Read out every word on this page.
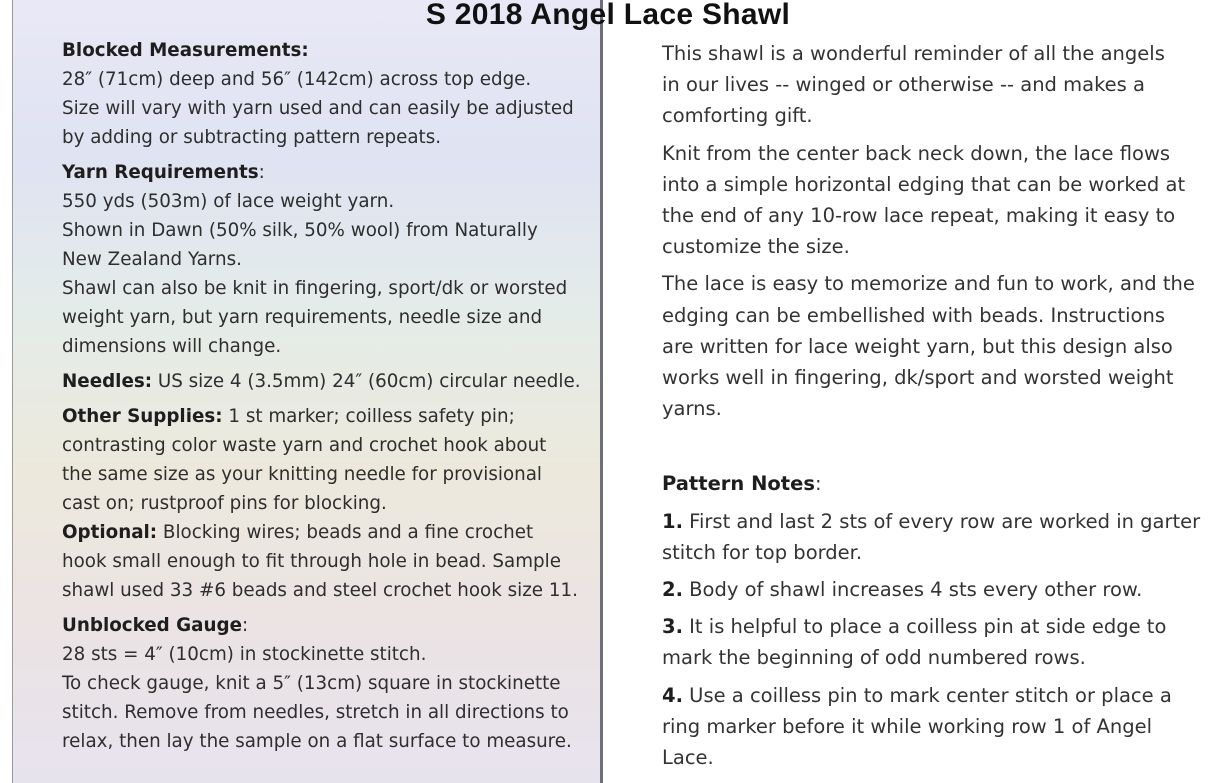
S 2018 Angel Lace Shawl
Blocked Measurements:
28″ (71cm) deep and 56″ (142cm) across top edge.
Size will vary with yarn used and can easily be adjusted
by adding or subtracting pattern repeats.
Yarn Requirements:
550 yds (503m) of lace weight yarn.
Shown in Dawn (50% silk, 50% wool) from Naturally
New Zealand Yarns.
Shawl can also be knit in fingering, sport/dk or worsted
weight yarn, but yarn requirements, needle size and
dimensions will change.
Needles: US size 4 (3.5mm) 24″ (60cm) circular needle.
Other Supplies: 1 st marker; coilless safety pin;
contrasting color waste yarn and crochet hook about
the same size as your knitting needle for provisional
cast on; rustproof pins for blocking.
Optional: Blocking wires; beads and a fine crochet
hook small enough to fit through hole in bead. Sample
shawl used 33 #6 beads and steel crochet hook size 11.
Unblocked Gauge:
28 sts = 4″ (10cm) in stockinette stitch.
To check gauge, knit a 5″ (13cm) square in stockinette
stitch. Remove from needles, stretch in all directions to
relax, then lay the sample on a flat surface to measure.
This shawl is a wonderful reminder of all the angels
in our lives -- winged or otherwise -- and makes a
comforting gift.
Knit from the center back neck down, the lace flows
into a simple horizontal edging that can be worked at
the end of any 10-row lace repeat, making it easy to
customize the size.
The lace is easy to memorize and fun to work, and the
edging can be embellished with beads. Instructions
are written for lace weight yarn, but this design also
works well in fingering, dk/sport and worsted weight
yarns.
Pattern Notes:
1. First and last 2 sts of every row are worked in garter
stitch for top border.
2. Body of shawl increases 4 sts every other row.
3. It is helpful to place a coilless pin at side edge to
mark the beginning of odd numbered rows.
4. Use a coilless pin to mark center stitch or place a
ring marker before it while working row 1 of Angel
Lace.
